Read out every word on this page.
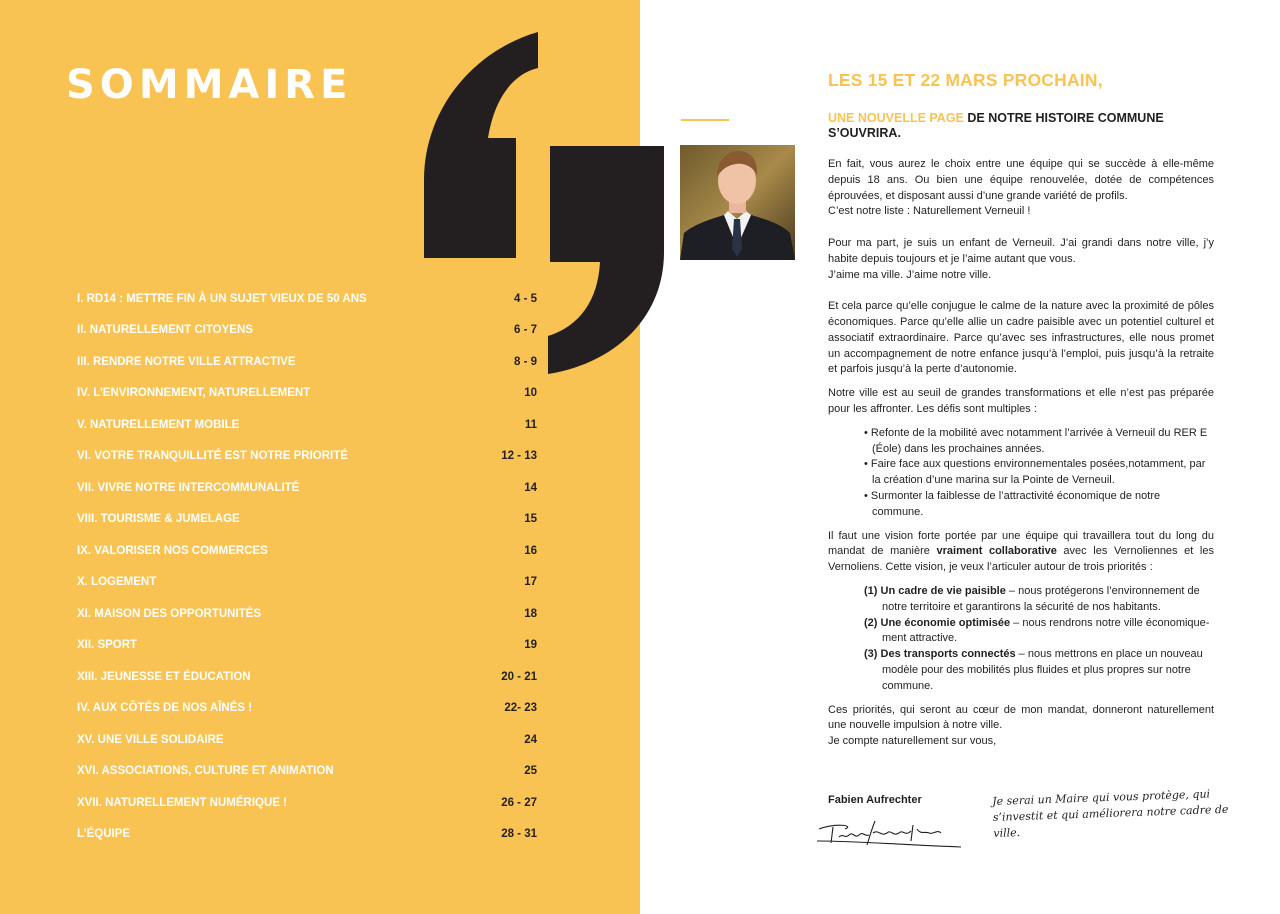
SOMMAIRE
I. RD14 : METTRE FIN À UN SUJET VIEUX DE 50 ANS	4 - 5
II. NATURELLEMENT CITOYENS	6 - 7
III. RENDRE NOTRE VILLE ATTRACTIVE	8 - 9
IV. L’ENVIRONNEMENT, NATURELLEMENT	10
V. NATURELLEMENT MOBILE	11
VI. VOTRE TRANQUILLITÉ EST NOTRE PRIORITÉ	12 - 13
VII. VIVRE NOTRE INTERCOMMUNALITÉ	14
VIII. TOURISME & JUMELAGE	15
IX. VALORISER NOS COMMERCES	16
X. LOGEMENT	17
XI. MAISON DES OPPORTUNITÉS	18
XII. SPORT	19
XIII. JEUNESSE ET ÉDUCATION	20 - 21
IV. AUX CÔTÉS DE NOS AÎNÉS !	22- 23
XV. UNE VILLE SOLIDAIRE	24
XVI. ASSOCIATIONS, CULTURE ET ANIMATION	25
XVII. NATURELLEMENT NUMÉRIQUE !	26 - 27
L’ÉQUIPE	28 - 31
LES 15 ET 22 MARS PROCHAIN,

UNE NOUVELLE PAGE DE NOTRE HISTOIRE COMMUNE S’OUVRIRA.

En fait, vous aurez le choix entre une équipe qui se succède à elle-même depuis 18 ans. Ou bien une équipe renouvelée, dotée de compétences éprouvées, et disposant aussi d’une grande variété de profils.

C’est notre liste : Naturellement Verneuil !

Pour ma part, je suis un enfant de Verneuil. J’ai grandi dans notre ville, j’y habite depuis toujours et je l’aime autant que vous.

J’aime ma ville. J’aime notre ville.

Et cela parce qu’elle conjugue le calme de la nature avec la proximité de pôles économiques. Parce qu’elle allie un cadre paisible avec un potentiel culturel et associatif extraordinaire. Parce qu’avec ses infrastructures, elle nous promet un accompagnement de notre enfance jusqu’à l’emploi, puis jusqu’à la retraite et parfois jusqu’à la perte d’autonomie.

Notre ville est au seuil de grandes transformations et elle n’est pas préparée pour les affronter. Les défis sont multiples :

• Refonte de la mobilité avec notamment l’arrivée à Verneuil du RER E (Éole) dans les prochaines années.
• Faire face aux questions environnementales posées,notamment, par la création d’une marina sur la Pointe de Verneuil.
• Surmonter la faiblesse de l’attractivité économique de notre commune.

Il faut une vision forte portée par une équipe qui travaillera tout du long du mandat de manière vraiment collaborative avec les Vernoliennes et les Vernoliens. Cette vision, je veux l’articuler autour de trois priorités :

(1) Un cadre de vie paisible – nous protégerons l’environnement de notre territoire et garantirons la sécurité de nos habitants.
(2) Une économie optimisée – nous rendrons notre ville économique-ment attractive.
(3) Des transports connectés – nous mettrons en place un nouveau modèle pour des mobilités plus fluides et plus propres sur notre commune.

Ces priorités, qui seront au cœur de mon mandat, donneront naturellement une nouvelle impulsion à notre ville.

Je compte naturellement sur vous,

Fabien Aufrechter	Je serai un Maire qui vous protège, qui s’investit et qui améliorera notre cadre de ville.
